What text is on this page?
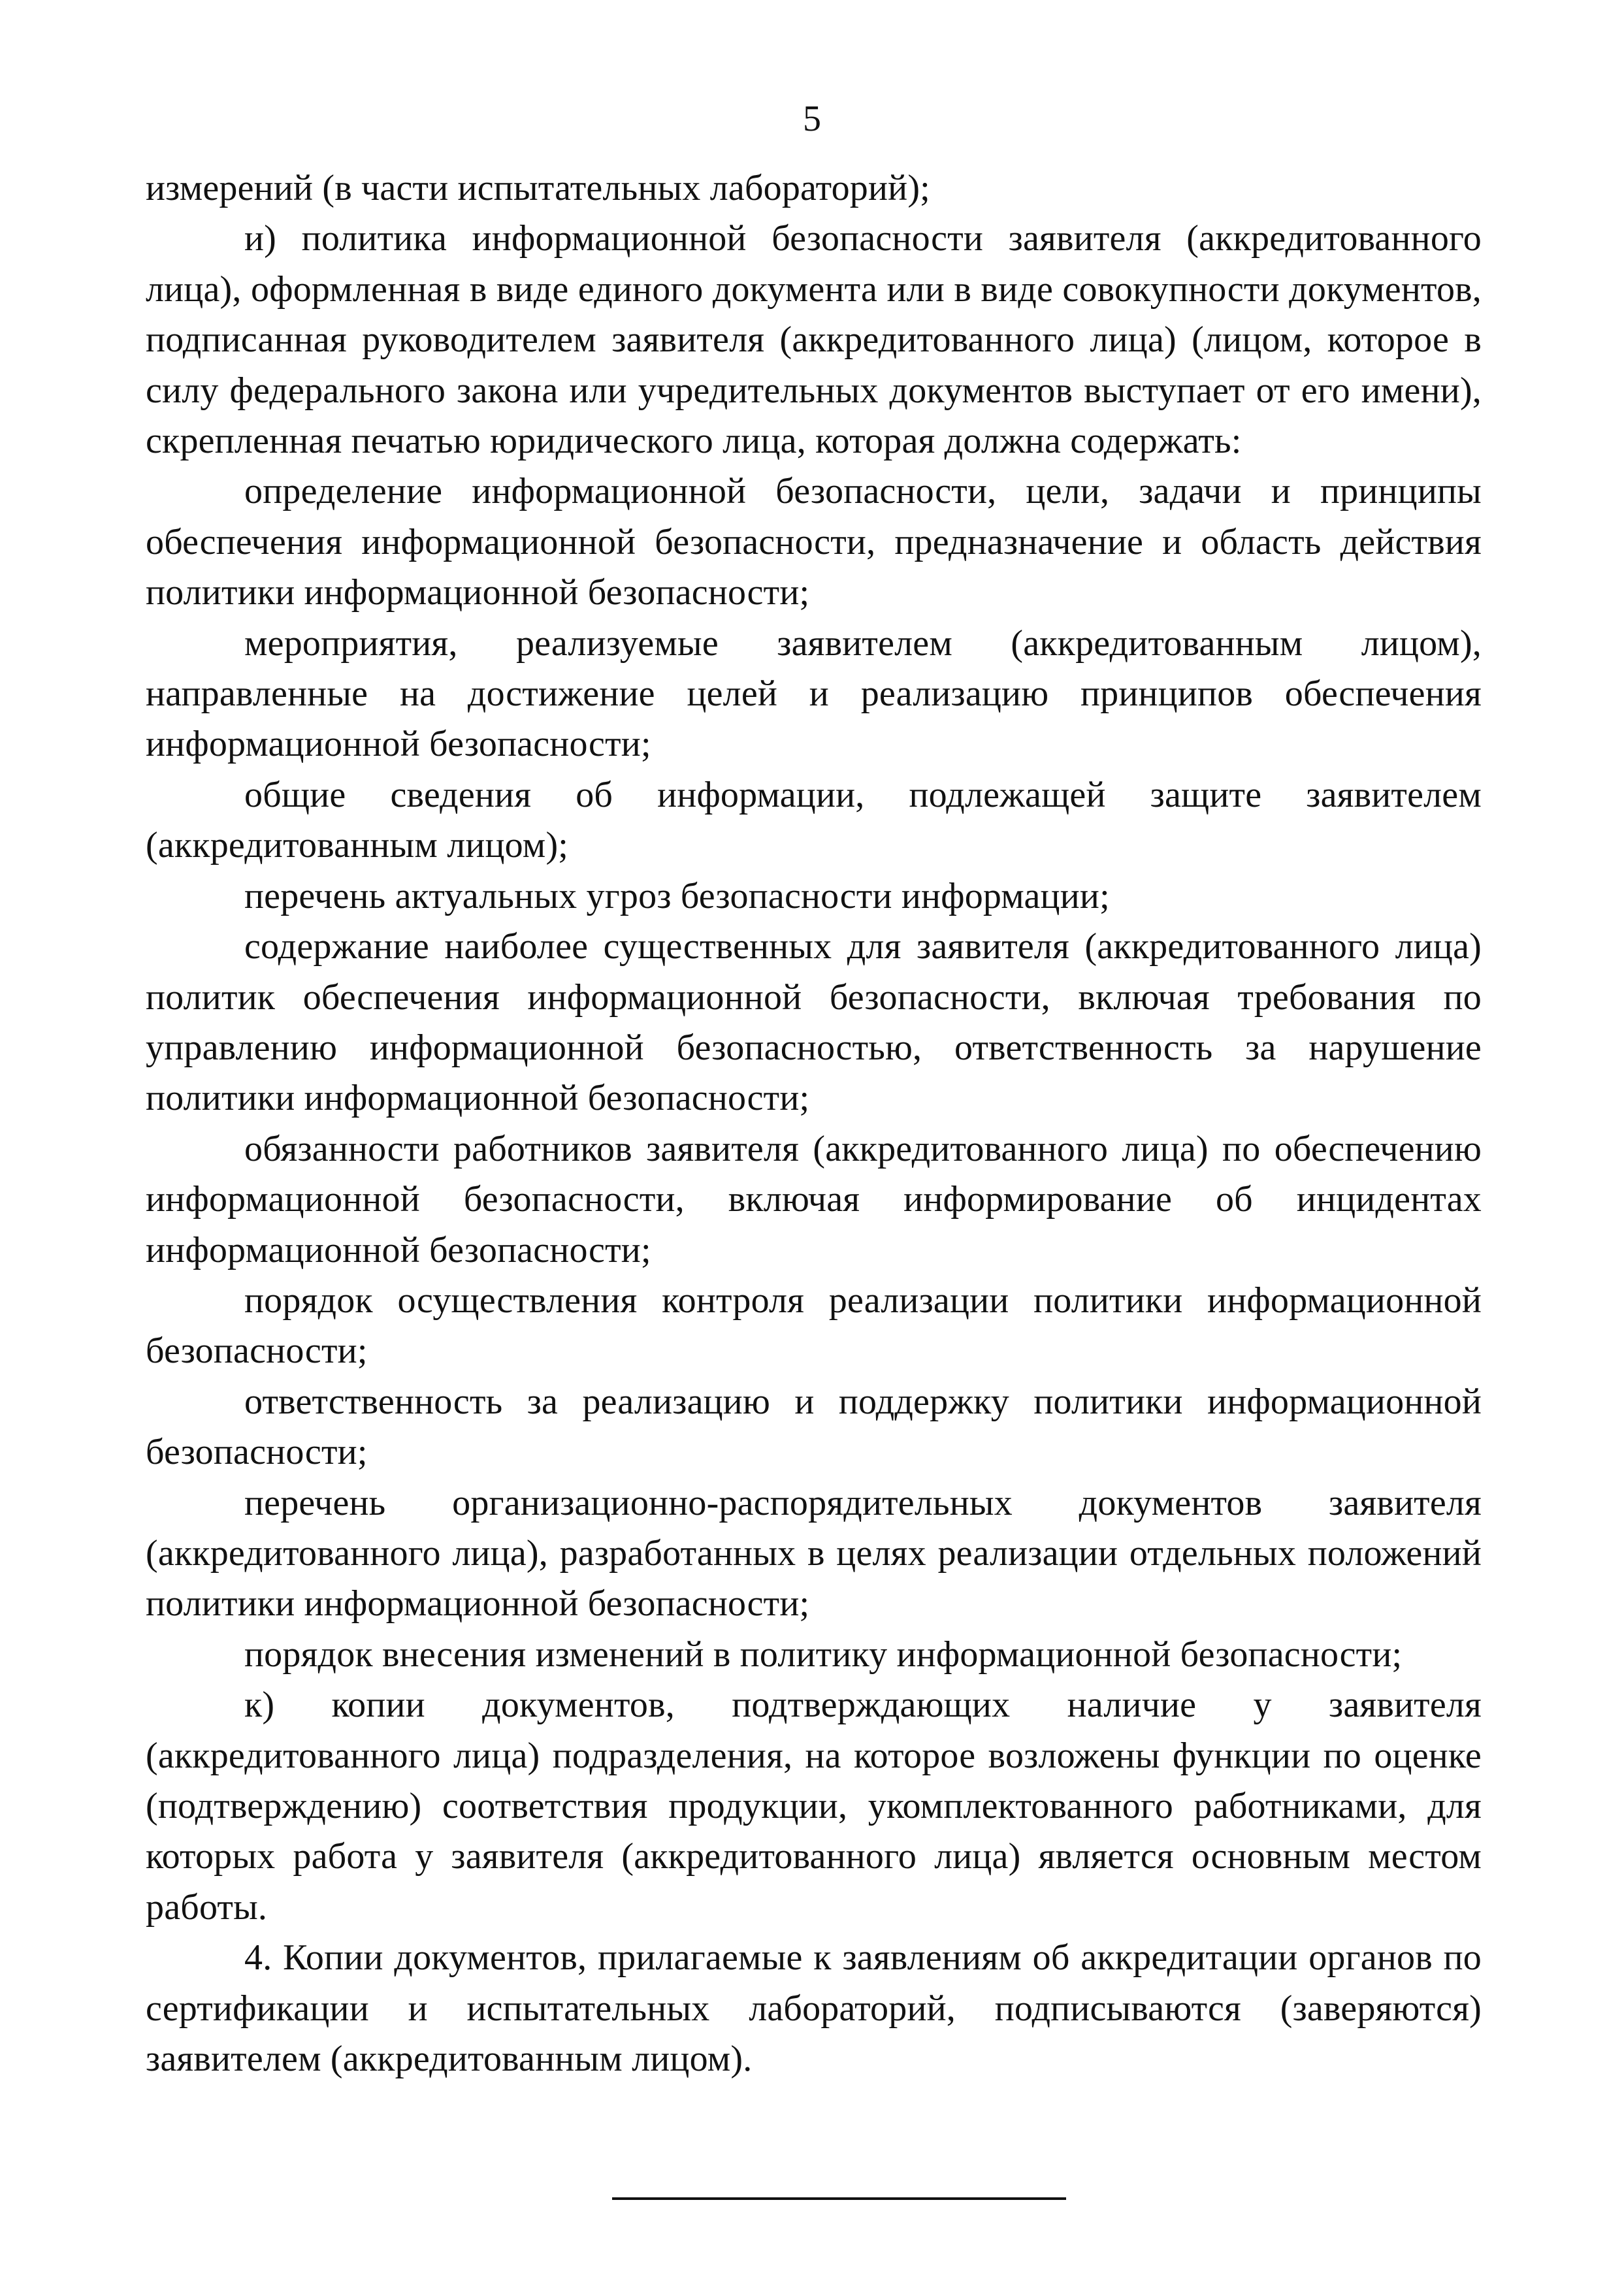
5

измерений (в части испытательных лабораторий);

и) политика информационной безопасности заявителя (аккредитованного лица), оформленная в виде единого документа или в виде совокупности документов, подписанная руководителем заявителя (аккредитованного лица) (лицом, которое в силу федерального закона или учредительных документов выступает от его имени), скрепленная печатью юридического лица, которая должна содержать:

определение информационной безопасности, цели, задачи и принципы обеспечения информационной безопасности, предназначение и область действия политики информационной безопасности;

мероприятия, реализуемые заявителем (аккредитованным лицом), направленные на достижение целей и реализацию принципов обеспечения информационной безопасности;

общие сведения об информации, подлежащей защите заявителем (аккредитованным лицом);

перечень актуальных угроз безопасности информации;

содержание наиболее существенных для заявителя (аккредитованного лица) политик обеспечения информационной безопасности, включая требования по управлению информационной безопасностью, ответственность за нарушение политики информационной безопасности;

обязанности работников заявителя (аккредитованного лица) по обеспечению информационной безопасности, включая информирование об инцидентах информационной безопасности;

порядок осуществления контроля реализации политики информационной безопасности;

ответственность за реализацию и поддержку политики информационной безопасности;

перечень организационно-распорядительных документов заявителя (аккредитованного лица), разработанных в целях реализации отдельных положений политики информационной безопасности;

порядок внесения изменений в политику информационной безопасности;

к) копии документов, подтверждающих наличие у заявителя (аккредитованного лица) подразделения, на которое возложены функции по оценке (подтверждению) соответствия продукции, укомплектованного работниками, для которых работа у заявителя (аккредитованного лица) является основным местом работы.

4. Копии документов, прилагаемые к заявлениям об аккредитации органов по сертификации и испытательных лабораторий, подписываются (заверяются) заявителем (аккредитованным лицом).
